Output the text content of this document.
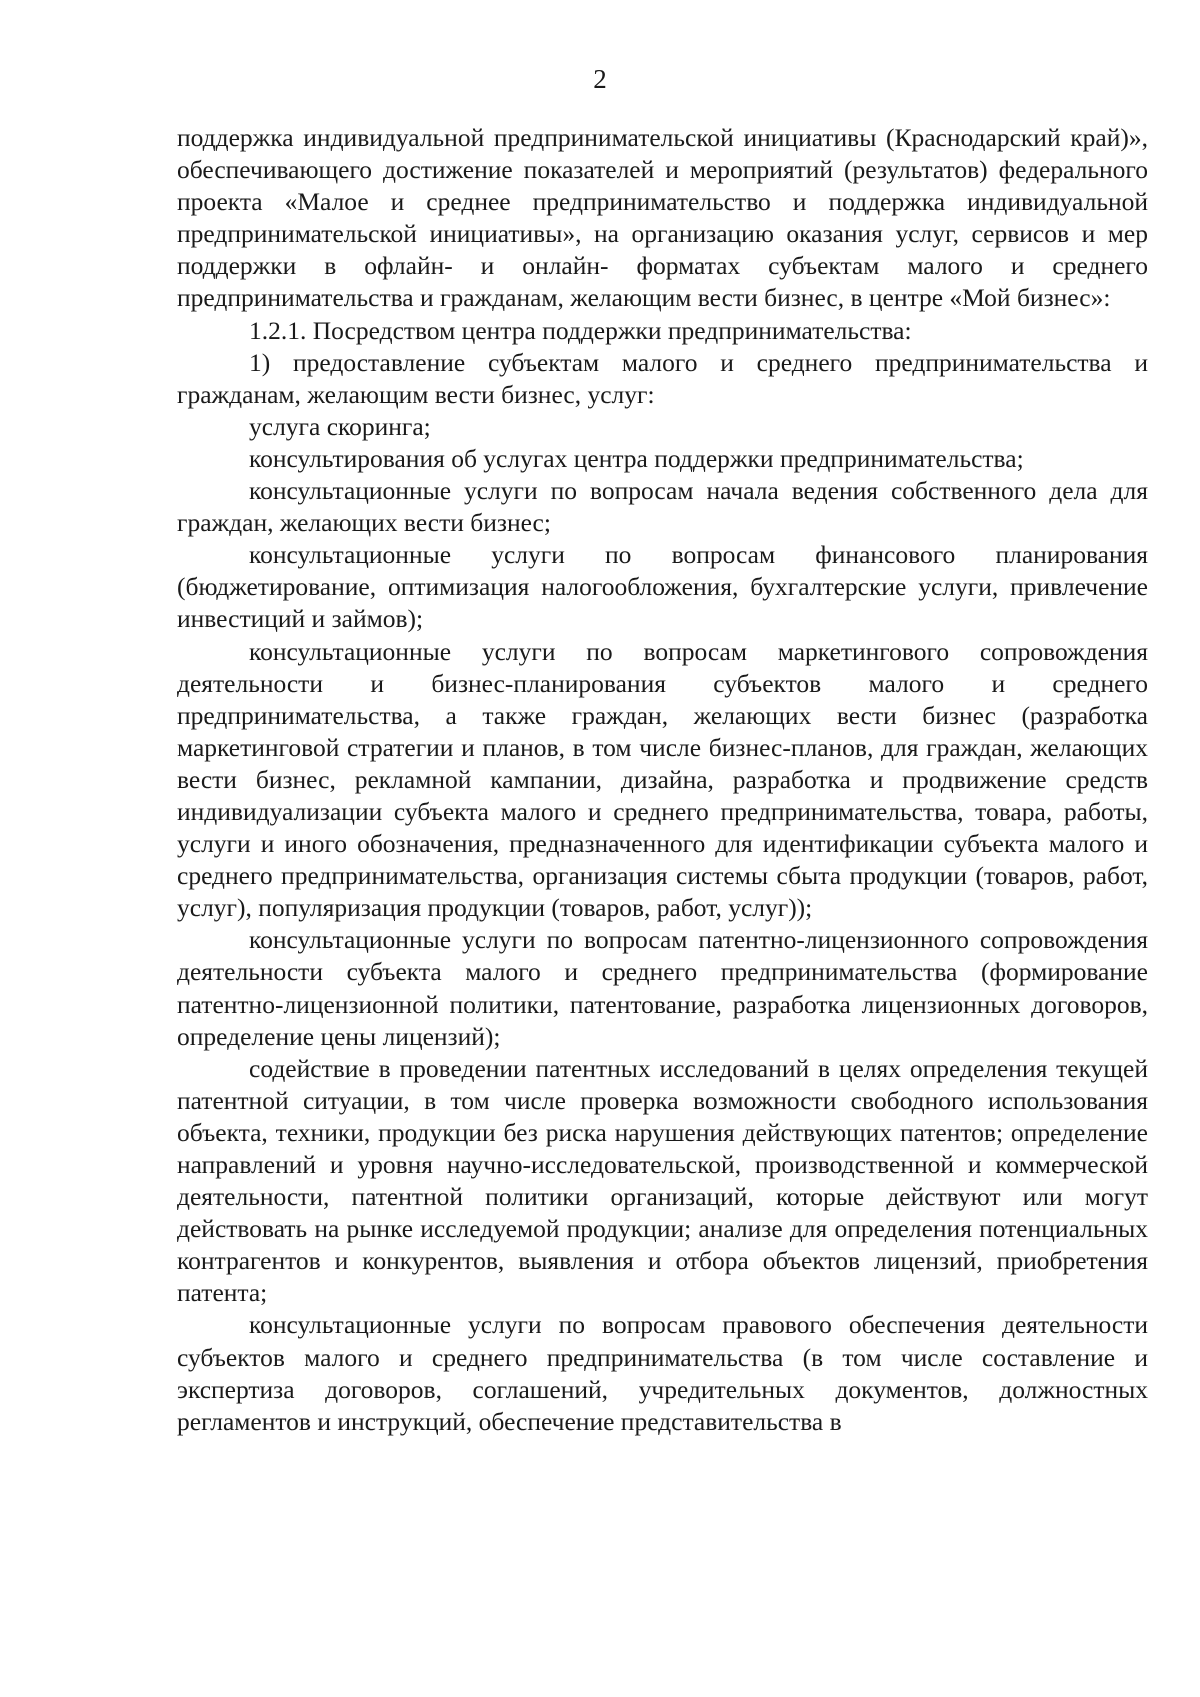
2

поддержка индивидуальной предпринимательской инициативы (Краснодарский край)», обеспечивающего достижение показателей и мероприятий (результатов) федерального проекта «Малое и среднее предпринимательство и поддержка индивидуальной предпринимательской инициативы», на организацию оказания услуг, сервисов и мер поддержки в офлайн- и онлайн- форматах субъектам малого и среднего предпринимательства и гражданам, желающим вести бизнес, в центре «Мой бизнес»:

1.2.1. Посредством центра поддержки предпринимательства:

1) предоставление субъектам малого и среднего предпринимательства и гражданам, желающим вести бизнес, услуг:

услуга скоринга;

консультирования об услугах центра поддержки предпринимательства;

консультационные услуги по вопросам начала ведения собственного дела для граждан, желающих вести бизнес;

консультационные услуги по вопросам финансового планирования (бюджетирование, оптимизация налогообложения, бухгалтерские услуги, привлечение инвестиций и займов);

консультационные услуги по вопросам маркетингового сопровождения деятельности и бизнес-планирования субъектов малого и среднего предпринимательства, а также граждан, желающих вести бизнес (разработка маркетинговой стратегии и планов, в том числе бизнес-планов, для граждан, желающих вести бизнес, рекламной кампании, дизайна, разработка и продвижение средств индивидуализации субъекта малого и среднего предпринимательства, товара, работы, услуги и иного обозначения, предназначенного для идентификации субъекта малого и среднего предпринимательства, организация системы сбыта продукции (товаров, работ, услуг), популяризация продукции (товаров, работ, услуг));

консультационные услуги по вопросам патентно-лицензионного сопровождения деятельности субъекта малого и среднего предпринимательства (формирование патентно-лицензионной политики, патентование, разработка лицензионных договоров, определение цены лицензий);

содействие в проведении патентных исследований в целях определения текущей патентной ситуации, в том числе проверка возможности свободного использования объекта, техники, продукции без риска нарушения действующих патентов; определение направлений и уровня научно-исследовательской, производственной и коммерческой деятельности, патентной политики организаций, которые действуют или могут действовать на рынке исследуемой продукции; анализе для определения потенциальных контрагентов и конкурентов, выявления и отбора объектов лицензий, приобретения патента;

консультационные услуги по вопросам правового обеспечения деятельности субъектов малого и среднего предпринимательства (в том числе составление и экспертиза договоров, соглашений, учредительных документов, должностных регламентов и инструкций, обеспечение представительства в
